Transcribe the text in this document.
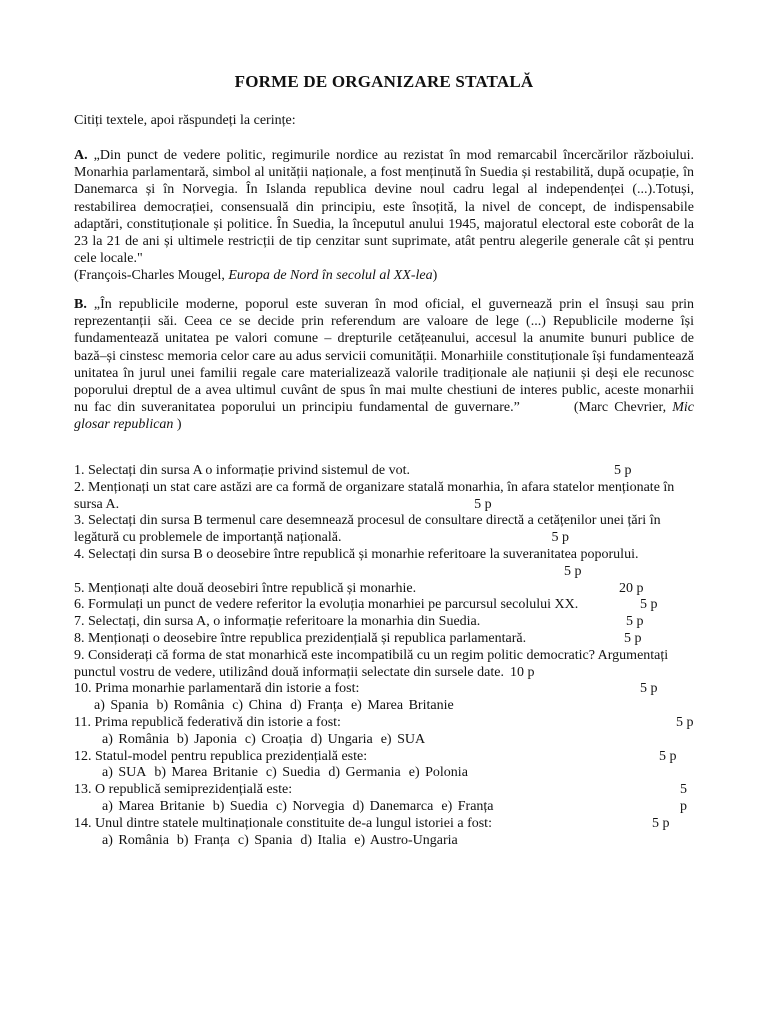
FORME DE ORGANIZARE STATALĂ
Citiți textele, apoi răspundeți la cerințe:
A. „Din punct de vedere politic, regimurile nordice au rezistat în mod remarcabil încercărilor războiului. Monarhia parlamentară, simbol al unității naționale, a fost menținută în Suedia și restabilită, după ocupație, în Danemarca și în Norvegia. În Islanda republica devine noul cadru legal al independenței (...).Totuși, restabilirea democrației, consensuală din principiu, este însoțită, la nivel de concept, de indispensabile adaptări, constituționale și politice. În Suedia, la începutul anului 1945, majoratul electoral este coborât de la 23 la 21 de ani și ultimele restricții de tip cenzitar sunt suprimate, atât pentru alegerile generale cât și pentru cele locale."
(François-Charles Mougel, Europa de Nord în secolul al XX-lea)
B. „În republicile moderne, poporul este suveran în mod oficial, el guvernează prin el însuși sau prin reprezentanții săi. Ceea ce se decide prin referendum are valoare de lege (...) Republicile moderne își fundamentează unitatea pe valori comune – drepturile cetățeanului, accesul la anumite bunuri publice de bază–și cinstesc memoria celor care au adus servicii comunității. Monarhiile constituționale își fundamentează unitatea în jurul unei familii regale care materializează valorile tradiționale ale națiunii și deși ele recunosc poporului dreptul de a avea ultimul cuvânt de spus în mai multe chestiuni de interes public, aceste monarhii nu fac din suveranitatea poporului un principiu fundamental de guvernare.”	(Marc Chevrier, Mic glosar republican )
1. Selectați din sursa A o informație privind sistemul de vot.	5 p
2. Menționați un stat care astăzi are ca formă de organizare statală monarhia, în afara statelor menționate în sursa A.	5 p
3. Selectați din sursa B termenul care desemnează procesul de consultare directă a cetățenilor unei țări în legătură cu problemele de importanță națională.	5 p
4. Selectați din sursa B o deosebire între republică și monarhie referitoare la suveranitatea poporului.5 p
5. Menționați alte două deosebiri între republică și monarhie.	20 p
6. Formulați un punct de vedere referitor la evoluția monarhiei pe parcursul secolului XX.	5 p
7. Selectați, din sursa A, o informație referitoare la monarhia din Suedia.	5 p
8. Menționați o deosebire între republica prezidențială și republica parlamentară.	5 p
9. Considerați că forma de stat monarhică este incompatibilă cu un regim politic democratic? Argumentați punctul vostru de vedere, utilizând două informații selectate din sursele date. 10 p
10. Prima monarhie parlamentară din istorie a fost:	5 p
a) Spania b) România c) China d) Franța e) Marea Britanie
11. Prima republică federativă din istorie a fost:	5 p
a) România b) Japonia c) Croația d) Ungaria e) SUA
12. Statul-model pentru republica prezidențială este:	5 p
a) SUA b) Marea Britanie c) Suedia d) Germania e) Polonia
13. O republică semiprezidențială este:	5 p
a) Marea Britanie b) Suedia c) Norvegia d) Danemarca e) Franța
14. Unul dintre statele multinaționale constituite de-a lungul istoriei a fost:	5 p
a) România b) Franța c) Spania d) Italia e) Austro-Ungaria
